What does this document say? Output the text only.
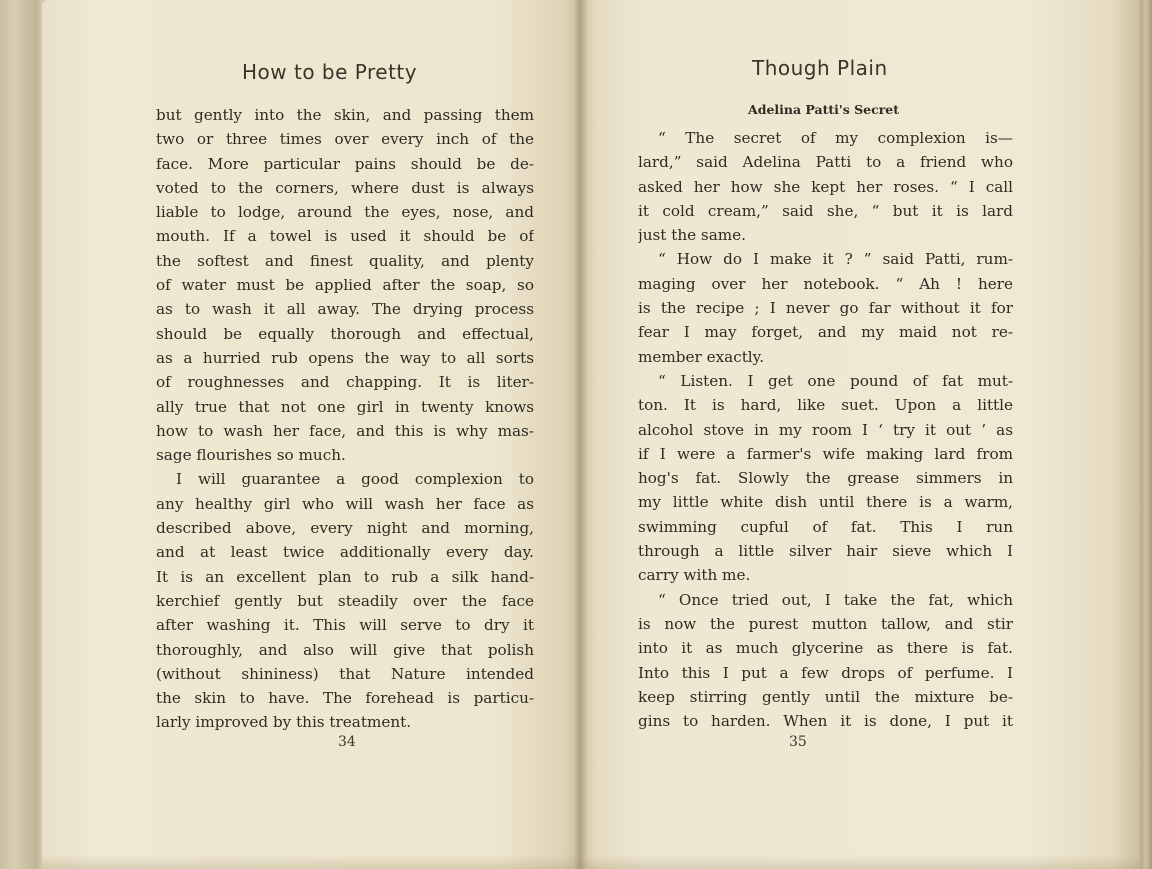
How to be Pretty
but gently into the skin, and passing them
two or three times over every inch of the
face. More particular pains should be de-
voted to the corners, where dust is always
liable to lodge, around the eyes, nose, and
mouth. If a towel is used it should be of
the softest and finest quality, and plenty
of water must be applied after the soap, so
as to wash it all away. The drying process
should be equally thorough and effectual,
as a hurried rub opens the way to all sorts
of roughnesses and chapping. It is liter-
ally true that not one girl in twenty knows
how to wash her face, and this is why mas-
sage flourishes so much.
I will guarantee a good complexion to
any healthy girl who will wash her face as
described above, every night and morning,
and at least twice additionally every day.
It is an excellent plan to rub a silk hand-
kerchief gently but steadily over the face
after washing it. This will serve to dry it
thoroughly, and also will give that polish
(without shininess) that Nature intended
the skin to have. The forehead is particu-
larly improved by this treatment.
34
Though Plain
Adelina Patti's Secret
“ The secret of my complexion is—
lard,” said Adelina Patti to a friend who
asked her how she kept her roses. “ I call
it cold cream,” said she, “ but it is lard
just the same.
“ How do I make it ? ” said Patti, rum-
maging over her notebook. “ Ah ! here
is the recipe ; I never go far without it for
fear I may forget, and my maid not re-
member exactly.
“ Listen. I get one pound of fat mut-
ton. It is hard, like suet. Upon a little
alcohol stove in my room I ‘ try it out ’ as
if I were a farmer's wife making lard from
hog's fat. Slowly the grease simmers in
my little white dish until there is a warm,
swimming cupful of fat. This I run
through a little silver hair sieve which I
carry with me.
“ Once tried out, I take the fat, which
is now the purest mutton tallow, and stir
into it as much glycerine as there is fat.
Into this I put a few drops of perfume. I
keep stirring gently until the mixture be-
gins to harden. When it is done, I put it
35
